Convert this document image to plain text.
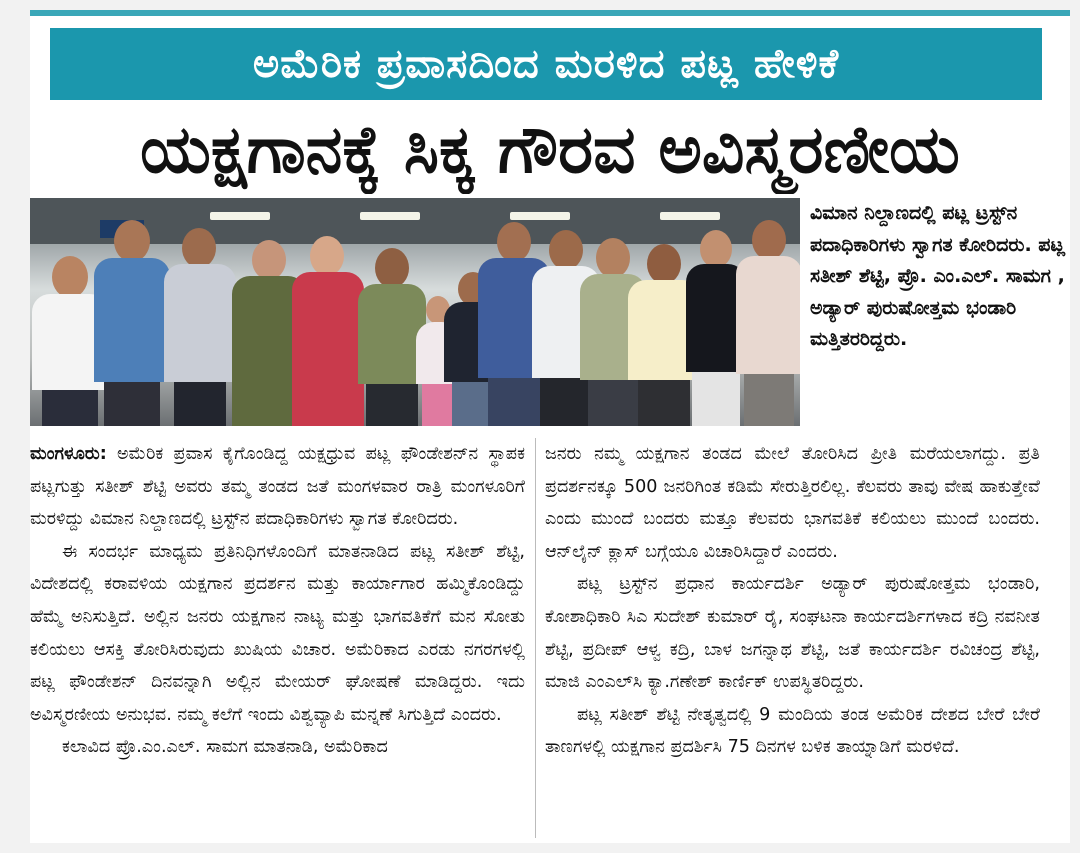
ಅಮೆರಿಕ ಪ್ರವಾಸದಿಂದ ಮರಳಿದ ಪಟ್ಲ ಹೇಳಿಕೆ
ಯಕ್ಷಗಾನಕ್ಕೆ ಸಿಕ್ಕ ಗೌರವ ಅವಿಸ್ಮರಣೀಯ

ವಿಮಾನ ನಿಲ್ದಾಣದಲ್ಲಿ ಪಟ್ಲ ಟ್ರಸ್ಟ್‌ನ ಪದಾಧಿಕಾರಿಗಳು ಸ್ವಾಗತ ಕೋರಿದರು. ಪಟ್ಲ ಸತೀಶ್ ಶೆಟ್ಟಿ, ಪ್ರೊ. ಎಂ.ಎಲ್. ಸಾಮಗ , ಅಡ್ಯಾರ್ ಪುರುಷೋತ್ತಮ ಭಂಡಾರಿ ಮತ್ತಿತರರಿದ್ದರು.

ಮಂಗಳೂರು: ಅಮೆರಿಕ ಪ್ರವಾಸ ಕೈಗೊಂಡಿದ್ದ ಯಕ್ಷಧ್ರುವ ಪಟ್ಲ ಫೌಂಡೇಶನ್‌ನ ಸ್ಥಾಪಕ ಪಟ್ಲಗುತ್ತು ಸತೀಶ್ ಶೆಟ್ಟಿ ಅವರು ತಮ್ಮ ತಂಡದ ಜತೆ ಮಂಗಳವಾರ ರಾತ್ರಿ ಮಂಗಳೂರಿಗೆ ಮರಳಿದ್ದು ವಿಮಾನ ನಿಲ್ದಾಣದಲ್ಲಿ ಟ್ರಸ್ಟ್‌ನ ಪದಾಧಿಕಾರಿಗಳು ಸ್ವಾಗತ ಕೋರಿದರು.

ಈ ಸಂದರ್ಭ ಮಾಧ್ಯಮ ಪ್ರತಿನಿಧಿಗಳೊಂದಿಗೆ ಮಾತನಾಡಿದ ಪಟ್ಲ ಸತೀಶ್ ಶೆಟ್ಟಿ, ವಿದೇಶದಲ್ಲಿ ಕರಾವಳಿಯ ಯಕ್ಷಗಾನ ಪ್ರದರ್ಶನ ಮತ್ತು ಕಾರ್ಯಾಗಾರ ಹಮ್ಮಿಕೊಂಡಿದ್ದು ಹೆಮ್ಮೆ ಅನಿಸುತ್ತಿದೆ. ಅಲ್ಲಿನ ಜನರು ಯಕ್ಷಗಾನ ನಾಟ್ಯ ಮತ್ತು ಭಾಗವತಿಕೆಗೆ ಮನ ಸೋತು ಕಲಿಯಲು ಆಸಕ್ತಿ ತೋರಿಸಿರುವುದು ಖುಷಿಯ ವಿಚಾರ. ಅಮೆರಿಕಾದ ಎರಡು ನಗರಗಳಲ್ಲಿ ಪಟ್ಲ ಫೌಂಡೇಶನ್ ದಿನವನ್ನಾಗಿ ಅಲ್ಲಿನ ಮೇಯರ್ ಘೋಷಣೆ ಮಾಡಿದ್ದರು. ಇದು ಅವಿಸ್ಮರಣೀಯ ಅನುಭವ. ನಮ್ಮ ಕಲೆಗೆ ಇಂದು ವಿಶ್ವವ್ಯಾಪಿ ಮನ್ನಣೆ ಸಿಗುತ್ತಿದೆ ಎಂದರು.

ಕಲಾವಿದ ಪ್ರೊ.ಎಂ.ಎಲ್. ಸಾಮಗ ಮಾತನಾಡಿ, ಅಮೆರಿಕಾದ

ಜನರು ನಮ್ಮ ಯಕ್ಷಗಾನ ತಂಡದ ಮೇಲೆ ತೋರಿಸಿದ ಪ್ರೀತಿ ಮರೆಯಲಾಗದ್ದು. ಪ್ರತಿ ಪ್ರದರ್ಶನಕ್ಕೂ 500 ಜನರಿಗಿಂತ ಕಡಿಮೆ ಸೇರುತ್ತಿರಲಿಲ್ಲ. ಕೆಲವರು ತಾವು ವೇಷ ಹಾಕುತ್ತೇವೆ ಎಂದು ಮುಂದೆ ಬಂದರು ಮತ್ತೂ ಕೆಲವರು ಭಾಗವತಿಕೆ ಕಲಿಯಲು ಮುಂದೆ ಬಂದರು. ಆನ್‌ಲೈನ್ ಕ್ಲಾಸ್ ಬಗ್ಗೆಯೂ ವಿಚಾರಿಸಿದ್ದಾರೆ ಎಂದರು.

ಪಟ್ಲ ಟ್ರಸ್ಟ್‌ನ ಪ್ರಧಾನ ಕಾರ್ಯದರ್ಶಿ ಅಡ್ಯಾರ್ ಪುರುಷೋತ್ತಮ ಭಂಡಾರಿ, ಕೋಶಾಧಿಕಾರಿ ಸಿಎ ಸುದೇಶ್ ಕುಮಾರ್ ರೈ, ಸಂಘಟನಾ ಕಾರ್ಯದರ್ಶಿಗಳಾದ ಕದ್ರಿ ನವನೀತ ಶೆಟ್ಟಿ, ಪ್ರದೀಪ್ ಆಳ್ವ ಕದ್ರಿ, ಬಾಳ ಜಗನ್ನಾಥ ಶೆಟ್ಟಿ, ಜತೆ ಕಾರ್ಯದರ್ಶಿ ರವಿಚಂದ್ರ ಶೆಟ್ಟಿ, ಮಾಜಿ ಎಂಎಲ್‌ಸಿ ಕ್ಯಾ.ಗಣೇಶ್ ಕಾರ್ಣಿಕ್ ಉಪಸ್ಥಿತರಿದ್ದರು.

ಪಟ್ಲ ಸತೀಶ್ ಶೆಟ್ಟಿ ನೇತೃತ್ವದಲ್ಲಿ 9 ಮಂದಿಯ ತಂಡ ಅಮೆರಿಕ ದೇಶದ ಬೇರೆ ಬೇರೆ ತಾಣಗಳಲ್ಲಿ ಯಕ್ಷಗಾನ ಪ್ರದರ್ಶಿಸಿ 75 ದಿನಗಳ ಬಳಿಕ ತಾಯ್ನಾಡಿಗೆ ಮರಳಿದೆ.
